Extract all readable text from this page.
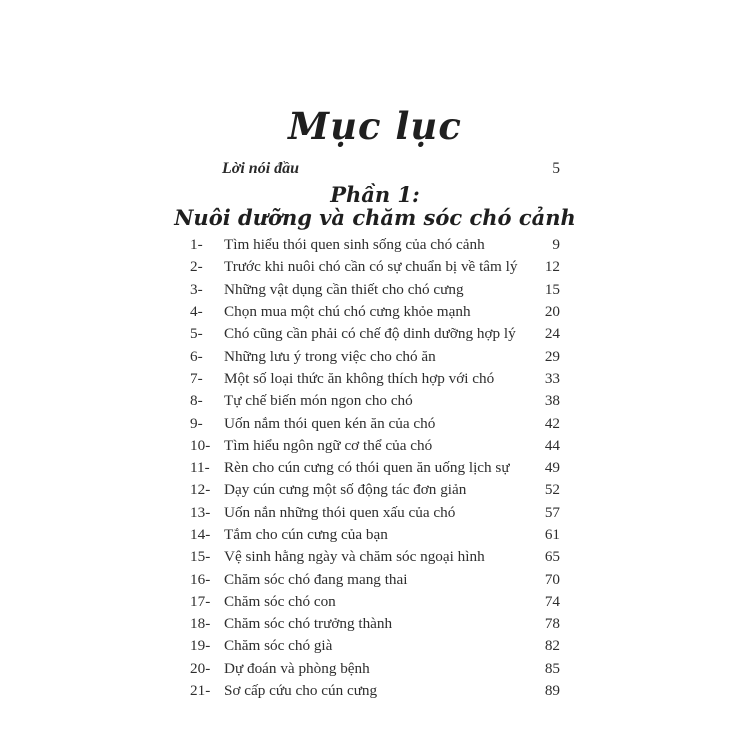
Mục lục
Lời nói đầu	5
Phần 1:
Nuôi dưỡng và chăm sóc chó cảnh
1-	Tìm hiểu thói quen sinh sống của chó cảnh	9
2-	Trước khi nuôi chó cần có sự chuẩn bị về tâm lý	12
3-	Những vật dụng cần thiết cho chó cưng	15
4-	Chọn mua một chú chó cưng khỏe mạnh	20
5-	Chó cũng cần phải có chế độ dinh dưỡng hợp lý	24
6-	Những lưu ý trong việc cho chó ăn	29
7-	Một số loại thức ăn không thích hợp với chó	33
8-	Tự chế biến món ngon cho chó	38
9-	Uốn nắm thói quen kén ăn của chó	42
10- Tìm hiểu ngôn ngữ cơ thể của chó	44
11- Rèn cho cún cưng có thói quen ăn uống lịch sự	49
12- Dạy cún cưng một số động tác đơn giản	52
13- Uốn nắn những thói quen xấu của chó	57
14- Tắm cho cún cưng của bạn	61
15- Vệ sinh hằng ngày và chăm sóc ngoại hình	65
16- Chăm sóc chó đang mang thai	70
17- Chăm sóc chó con	74
18- Chăm sóc chó trưởng thành	78
19- Chăm sóc chó già	82
20- Dự đoán và phòng bệnh	85
21- Sơ cấp cứu cho cún cưng	89
